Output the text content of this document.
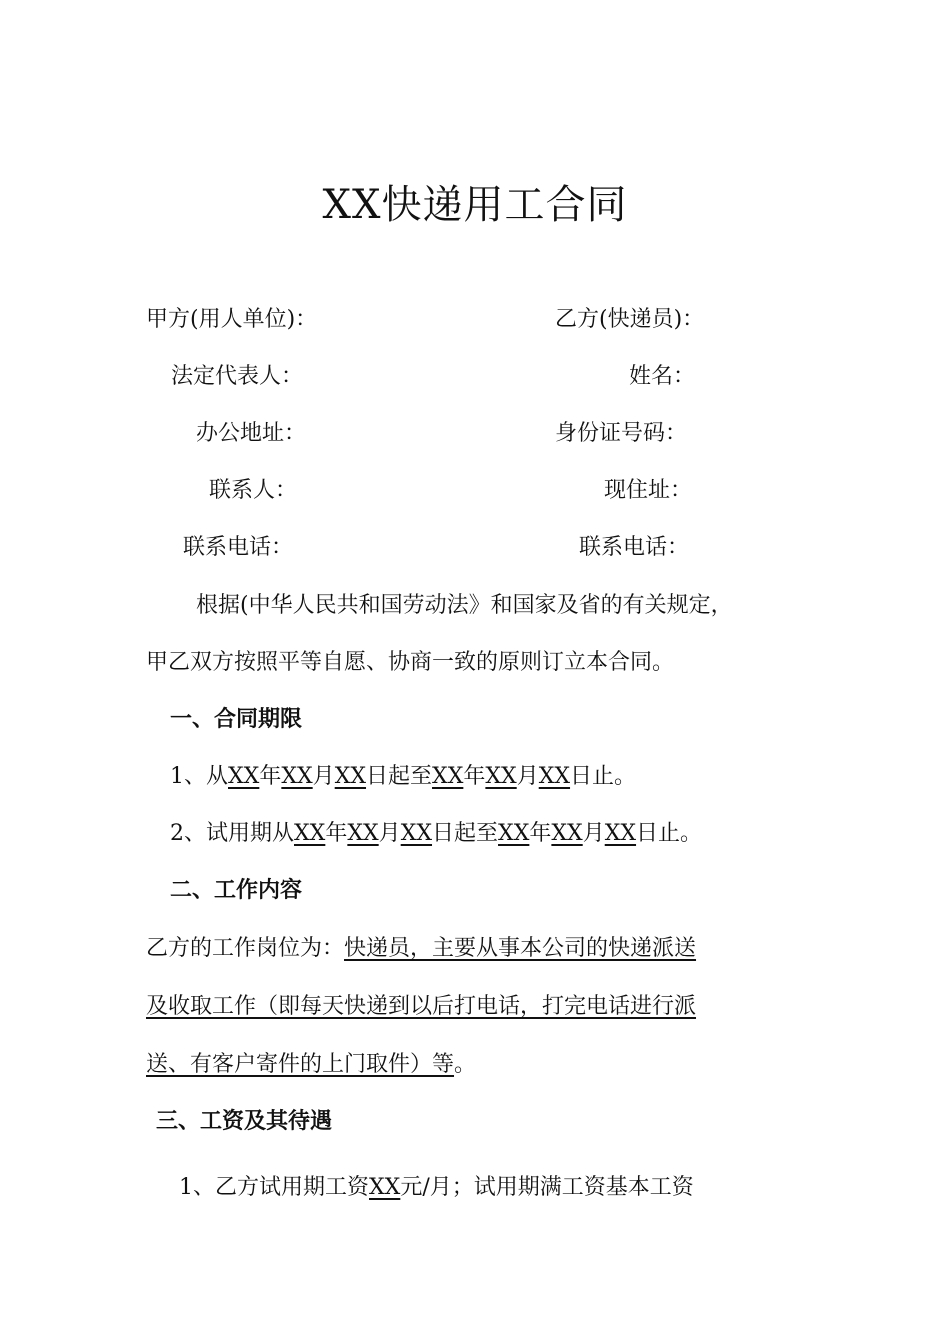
XX快递用工合同
甲方(用人单位)：
法定代表人：
办公地址：
联系人：
联系电话：
乙方(快递员)：
姓名：
身份证号码：
现住址：
联系电话：
根据(中华人民共和国劳动法》和国家及省的有关规定，
甲乙双方按照平等自愿、协商一致的原则订立本合同。
一、合同期限
1、从XX年XX月XX日起至XX年XX月XX日止。
2、试用期从XX年XX月XX日起至XX年XX月XX日止。
二、工作内容
乙方的工作岗位为：快递员，主要从事本公司的快递派送
及收取工作（即每天快递到以后打电话，打完电话进行派
送、有客户寄件的上门取件）等。
三、工资及其待遇
1、乙方试用期工资XX元/月；试用期满工资基本工资
